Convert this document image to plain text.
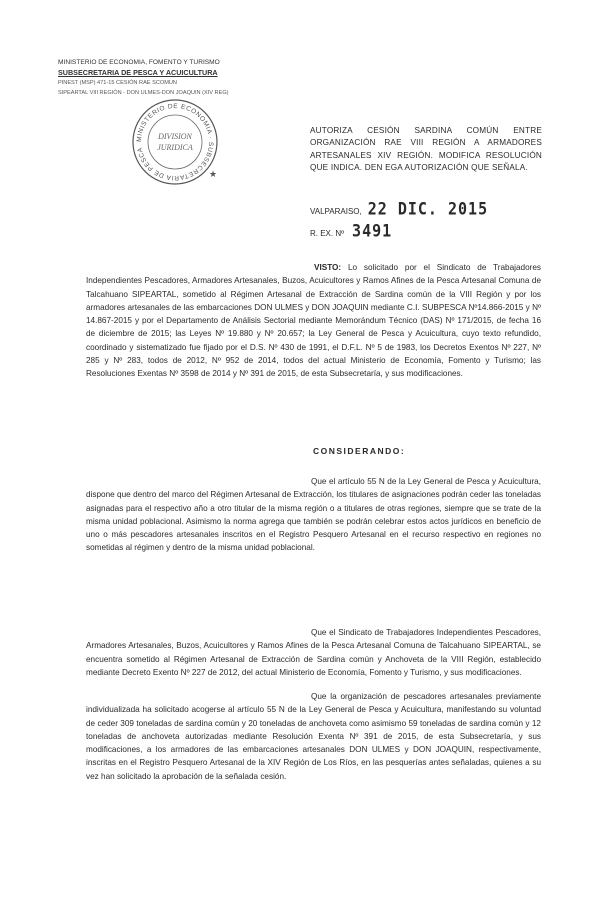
MINISTERIO DE ECONOMIA, FOMENTO Y TURISMO
SUBSECRETARIA DE PESCA Y ACUICULTURA
PINEST (MSP) 471-15 CESIÓN RAE SCOMUN
SIPEARTAL VIII REGIÓN - DON ULMES-DON JOAQUIN (XIV REG)
MINISTERIO DE ECONOMIA · SUBSECRETARIA DE PESCA
DIVISION
JURIDICA
★
AUTORIZA CESIÓN SARDINA COMÚN ENTRE ORGANIZACIÓN RAE VIII REGIÓN A ARMADORES ARTESANALES XIV REGIÓN. MODIFICA RESOLUCIÓN QUE INDICA. DEN EGA AUTORIZACIÓN QUE SEÑALA.
VALPARAISO, 22 DIC. 2015
R. EX. Nº 3491
VISTO: Lo solicitado por el Sindicato de Trabajadores Independientes Pescadores, Armadores Artesanales, Buzos, Acuicultores y Ramos Afines de la Pesca Artesanal Comuna de Talcahuano SIPEARTAL, sometido al Régimen Artesanal de Extracción de Sardina común de la VIII Región y por los armadores artesanales de las embarcaciones DON ULMES y DON JOAQUIN mediante C.I. SUBPESCA Nº14.866-2015 y Nº 14.867-2015 y por el Departamento de Análisis Sectorial mediante Memorándum Técnico (DAS) Nº 171/2015, de fecha 16 de diciembre de 2015; las Leyes Nº 19.880 y Nº 20.657; la Ley General de Pesca y Acuicultura, cuyo texto refundido, coordinado y sistematizado fue fijado por el D.S. Nº 430 de 1991, el D.F.L. Nº 5 de 1983, los Decretos Exentos Nº 227, Nº 285 y Nº 283, todos de 2012, Nº 952 de 2014, todos del actual Ministerio de Economía, Fomento y Turismo; las Resoluciones Exentas Nº 3598 de 2014 y Nº 391 de 2015, de esta Subsecretaría, y sus modificaciones.
CONSIDERANDO:
Que el artículo 55 N de la Ley General de Pesca y Acuicultura, dispone que dentro del marco del Régimen Artesanal de Extracción, los titulares de asignaciones podrán ceder las toneladas asignadas para el respectivo año a otro titular de la misma región o a titulares de otras regiones, siempre que se trate de la misma unidad poblacional. Asimismo la norma agrega que también se podrán celebrar estos actos jurídicos en beneficio de uno o más pescadores artesanales inscritos en el Registro Pesquero Artesanal en el recurso respectivo en regiones no sometidas al régimen y dentro de la misma unidad poblacional.
Que el Sindicato de Trabajadores Independientes Pescadores, Armadores Artesanales, Buzos, Acuicultores y Ramos Afines de la Pesca Artesanal Comuna de Talcahuano SIPEARTAL, se encuentra sometido al Régimen Artesanal de Extracción de Sardina común y Anchoveta de la VIII Región, establecido mediante Decreto Exento Nº 227 de 2012, del actual Ministerio de Economía, Fomento y Turismo, y sus modificaciones.
Que la organización de pescadores artesanales previamente individualizada ha solicitado acogerse al artículo 55 N de la Ley General de Pesca y Acuicultura, manifestando su voluntad de ceder 309 toneladas de sardina común y 20 toneladas de anchoveta como asimismo 59 toneladas de sardina común y 12 toneladas de anchoveta autorizadas mediante Resolución Exenta Nº 391 de 2015, de esta Subsecretaría, y sus modificaciones, a los armadores de las embarcaciones artesanales DON ULMES y DON JOAQUIN, respectivamente, inscritas en el Registro Pesquero Artesanal de la XIV Región de Los Ríos, en las pesquerías antes señaladas, quienes a su vez han solicitado la aprobación de la señalada cesión.
